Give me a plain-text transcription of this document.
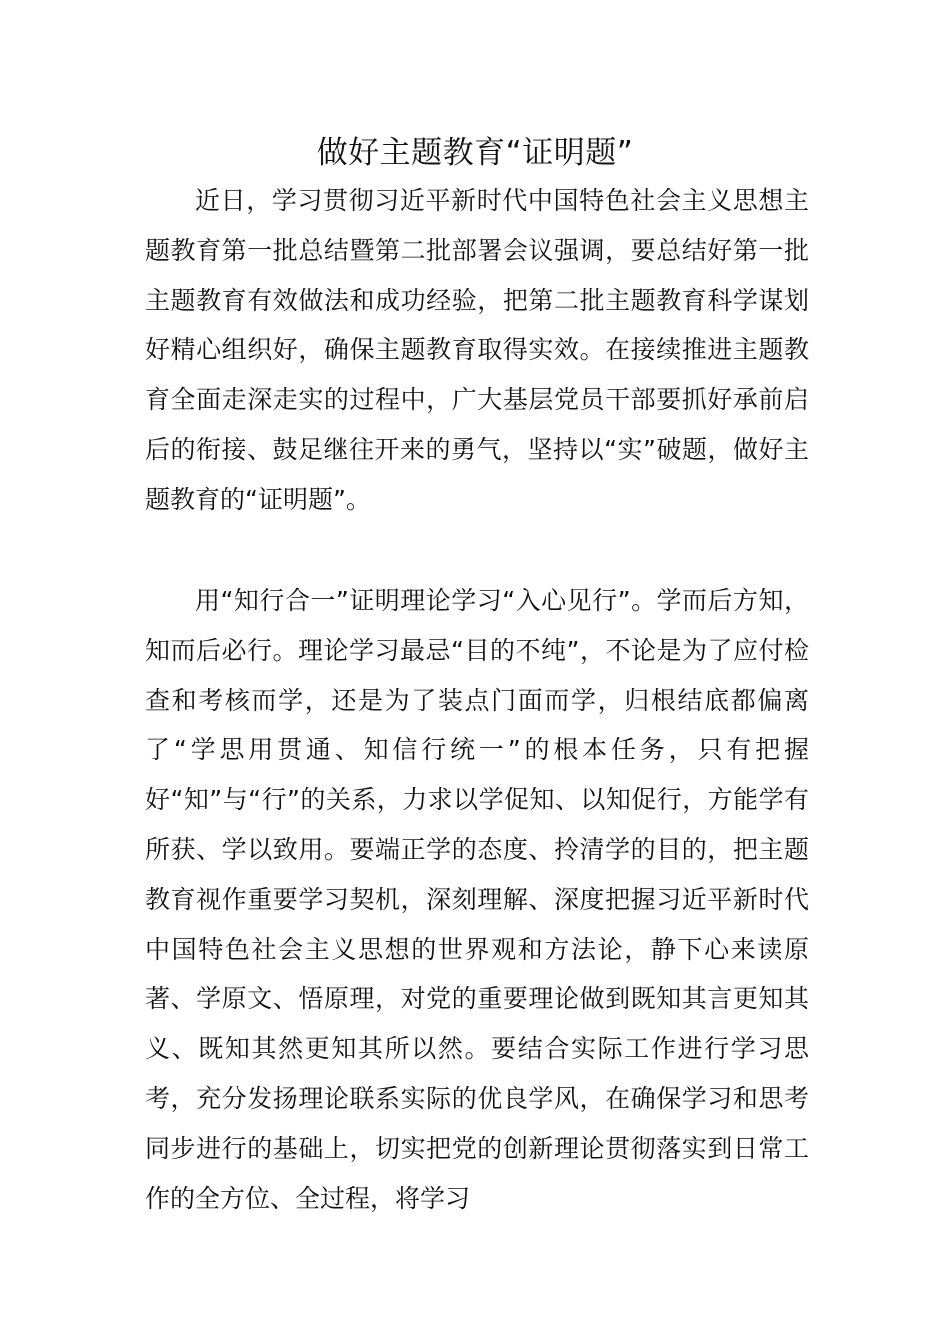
做好主题教育“证明题”

近日，学习贯彻习近平新时代中国特色社会主义思想主题教育第一批总结暨第二批部署会议强调，要总结好第一批主题教育有效做法和成功经验，把第二批主题教育科学谋划好精心组织好，确保主题教育取得实效。在接续推进主题教育全面走深走实的过程中，广大基层党员干部要抓好承前启后的衔接、鼓足继往开来的勇气，坚持以“实”破题，做好主题教育的“证明题”。

用“知行合一”证明理论学习“入心见行”。学而后方知，知而后必行。理论学习最忌“目的不纯”，不论是为了应付检查和考核而学，还是为了装点门面而学，归根结底都偏离了“学思用贯通、知信行统一”的根本任务，只有把握好“知”与“行”的关系，力求以学促知、以知促行，方能学有所获、学以致用。要端正学的态度、拎清学的目的，把主题教育视作重要学习契机，深刻理解、深度把握习近平新时代中国特色社会主义思想的世界观和方法论，静下心来读原著、学原文、悟原理，对党的重要理论做到既知其言更知其义、既知其然更知其所以然。要结合实际工作进行学习思考，充分发扬理论联系实际的优良学风，在确保学习和思考同步进行的基础上，切实把党的创新理论贯彻落实到日常工作的全方位、全过程，将学习
